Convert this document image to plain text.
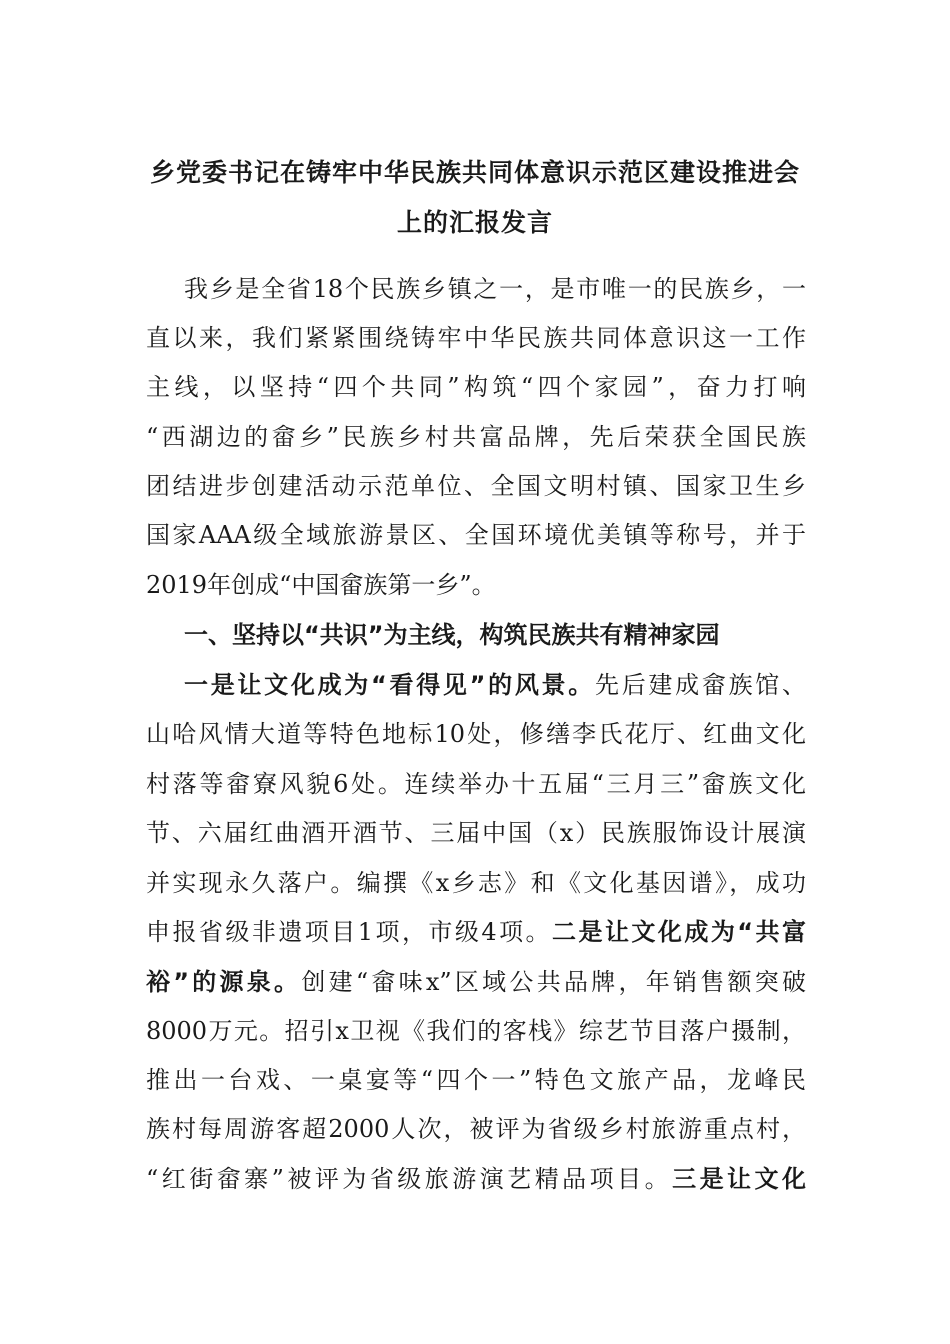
乡党委书记在铸牢中华民族共同体意识示范区建设推进会
上的汇报发言
我乡是全省18个民族乡镇之一，是市唯一的民族乡，一
直以来，我们紧紧围绕铸牢中华民族共同体意识这一工作
主线，以坚持“四个共同”构筑“四个家园”，奋力打响
“西湖边的畲乡”民族乡村共富品牌，先后荣获全国民族
团结进步创建活动示范单位、全国文明村镇、国家卫生乡
国家AAA级全域旅游景区、全国环境优美镇等称号，并于
2019年创成“中国畲族第一乡”。
一、坚持以“共识”为主线，构筑民族共有精神家园
一是让文化成为“看得见”的风景。先后建成畲族馆、
山哈风情大道等特色地标10处，修缮李氏花厅、红曲文化
村落等畲寮风貌6处。连续举办十五届“三月三”畲族文化
节、六届红曲酒开酒节、三届中国（x）民族服饰设计展演
并实现永久落户。编撰《x乡志》和《文化基因谱》，成功
申报省级非遗项目1项，市级4项。二是让文化成为“共富
裕”的源泉。创建“畲味x”区域公共品牌，年销售额突破
8000万元。招引x卫视《我们的客栈》综艺节目落户摄制，
推出一台戏、一桌宴等“四个一”特色文旅产品，龙峰民
族村每周游客超2000人次，被评为省级乡村旅游重点村，
“红街畲寨”被评为省级旅游演艺精品项目。三是让文化
